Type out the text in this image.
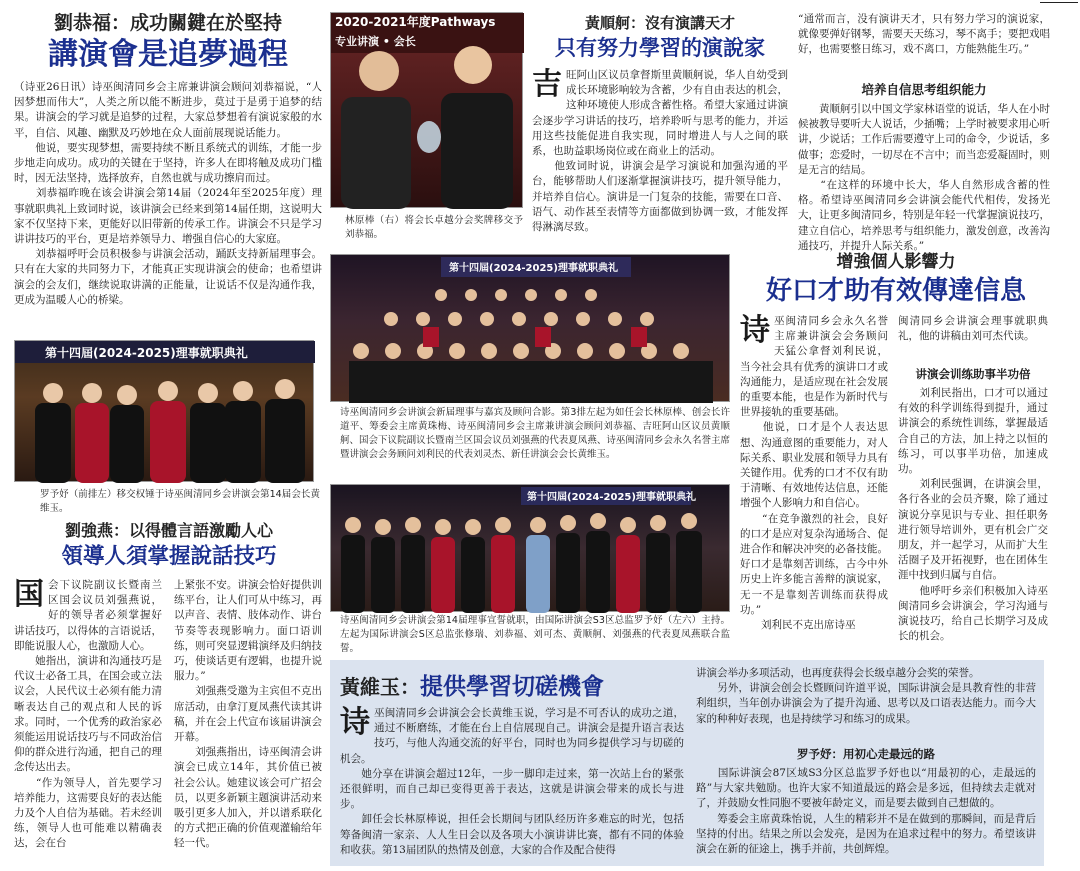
劉恭福：成功關鍵在於堅持
講演會是追夢過程
（诗亚26日讯）诗巫闽清同乡会主席兼讲演会顾问刘恭福说，“人因梦想而伟大”，人类之所以能不断进步，莫过于是勇于追梦的结果。讲演会的学习就是追梦的过程，大家总梦想着有演说家般的水平，自信、风趣、幽默及巧妙地在众人面前展现说话能力。
　　他说，要实现梦想，需要持续不断且系统式的训练，才能一步步地走向成功。成功的关键在于坚持，许多人在即将触及成功门槛时，因无法坚持，选择放弃，自然也就与成功擦肩而过。
　　刘恭福昨晚在该会讲演会第14届（2024年至2025年度）理事就职典礼上致词时说，该讲演会已经来到第14届任期，这说明大家不仅坚持下来，更能好以旧带新的传承工作。讲演会不只是学习讲讲技巧的平台，更是培养领导力、增强自信心的大家庭。
　　刘恭福呼吁会员积极参与讲演会活动，踊跃支持新届理事会。只有在大家的共同努力下，才能真正实现讲演会的使命；也希望讲演会的会友们，继续说取讲满的正能量，让说话不仅是沟通作我，更成为温暖人心的桥梁。
第十四屆(2024-2025)理事就职典礼
罗予妤（前排左）移交权锤于诗巫闽清同乡会讲演会第14届会长黄维玉。
劉強燕：以得體言語激勵人心
領導人須掌握說話技巧
国会下议院副议长暨南兰区国会议员刘强燕说，好的领导者必须掌握好讲话技巧，以得体的言语说话，即能说服人心，也激励人心。
　　她指出，演讲和沟通技巧是代议士必备工具，在国会或立法议会，人民代议士必须有能力清晰表达自己的观点和人民的诉求。同时，一个优秀的政治家必须能运用说话技巧与不同政治信仰的群众进行沟通，把自己的理念传达出去。
　　“作为领导人，首先要学习培养能力，这需要良好的表达能力及个人自信为基础。若未经训练，领导人也可能难以精确表达，会在台
上紧张不安。讲演会恰好提供训练平台，让人们可从中练习，再以声音、表情、肢体动作、讲台节奏等表现影响力。面口语训练，则可突显逻辑演绎及归纳技巧，使谈话更有逻辑，也提升说服力。”
　　刘强燕受邀为主宾但不克出席活动，由拿汀夏凤燕代读其讲稿，并在会上代宣布该届讲演会开幕。
　　刘强燕指出，诗巫闽清会讲演会已成立14年，其价值已被社会公认。她建议该会可广招会员，以更多新颖主题演讲活动来吸引更多人加入，并以谱系联化的方式把正确的价值观灌输给年轻一代。
2020-2021年度Pathways
专业讲演 • 会长
林原棒（右）将会长卓越分会奖牌移交予刘恭福。
黃順舸：沒有演講天才
只有努力學習的演說家
吉旺阿山区议员拿督斯里黄顺舸说，华人自幼受到成长环境影响较为含蓄，少有自由表达的机会，这种环境使人形成含蓄性格。希望大家通过讲演会逐步学习讲话的技巧，培养聆听与思考的能力，并运用这些技能促进自我实现，同时增进人与人之间的联系，也助益职场岗位或在商业上的活动。
　　他致词时说，讲演会是学习演说和加强沟通的平台，能够帮助人们逐渐掌握演讲技巧，提升领导能力，并培养自信心。演讲是一门复杂的技能，需要在口音、语气、动作甚至表情等方面都做到协调一致，才能发挥得淋漓尽致。
“通常而言，没有演讲天才，只有努力学习的演说家，就像要弹好钢琴，需要天天练习，琴不离手；要把戏唱好，也需要整日练习，戏不离口，方能熟能生巧。”
培养自信思考组织能力
　　黄顺舸引以中国文学家林语堂的说话，华人在小时候被教导要听大人说话，少插嘴；上学时被要求用心听讲，少说话；工作后需要遵守上司的命令，少说话，多做事；恋爱时，一切尽在不言中；而当恋爱凝固时，则是无言的结局。
　　“在这样的环境中长大，华人自然形成含蓄的性格。希望诗巫闽清同乡会讲演会能代代相传，发扬光大，让更多闽清同乡，特别是年轻一代掌握演说技巧，建立自信心，培养思考与组织能力，激发创意，改善沟通技巧，并提升人际关系。”
第十四屆(2024-2025)理事就职典礼
诗巫闽清同乡会讲演会新届理事与嘉宾及顾问合影。第3排左起为如任会长林原棒、创会长许道平、筹委会主席黄珠梅、诗巫闽清同乡会主席兼讲演会顾问刘恭福、吉旺阿山区议员黄顺舸、国会下议院副议长暨南兰区国会议员刘强燕的代表夏凤燕、诗巫闽清同乡会永久名誉主席暨讲演会会务顾问刘利民的代表刘灵杰、新任讲演会会长黄维玉。
第十四屆(2024-2025)理事就职典礼
诗巫闽清同乡会讲演会第14届理事宣誓就职，由国际讲演会S3区总监罗予妤（左六）主持。左起为国际讲演会S区总监张修瑞、刘恭福、刘可杰、黄顺舸、刘强燕的代表夏凤燕联合监誓。
增強個人影響力
好口才助有效傳達信息
诗巫闽清同乡会永久名誉主席兼讲演会会务顾问天猛公拿督刘利民说，当今社会具有优秀的演讲口才或沟通能力，是适应现在社会发展的重要本能，也是作为新时代与世界接轨的重要基础。
　　他说，口才是个人表达思想、沟通意图的重要能力，对人际关系、职业发展和领导力具有关键作用。优秀的口才不仅有助于清晰、有效地传达信息，还能增强个人影响力和自信心。
　　“在竞争激烈的社会，良好的口才是应对复杂沟通场合、促进合作和解决冲突的必备技能。好口才是靠刻苦训练，古今中外历史上许多能言善辩的演说家，无一不是靠刻苦训练而获得成功。”
　　刘利民不克出席诗巫
闽清同乡会讲演会理事就职典礼，他的讲稿由刘可杰代读。
讲演会训练助事半功倍
　　刘利民指出，口才可以通过有效的科学训练得到提升，通过讲演会的系统性训练，掌握最适合自己的方法，加上持之以恒的练习，可以事半功倍，加速成功。
　　刘利民强调，在讲演会里，各行各业的会员齐聚，除了通过演说分享见识与专业、担任职务进行领导培训外，更有机会广交朋友，并一起学习，从而扩大生活圈子及开拓视野，也在团体生涯中找到归属与自信。
　　他呼吁乡亲们积极加入诗巫闽清同乡会讲演会，学习沟通与演说技巧，给自己长期学习及成长的机会。
黃維玉：提供學習切磋機會
诗巫闽清同乡会讲演会会长黄维玉说，学习是不可否认的成功之道，通过不断磨练，才能在台上自信展现自己。讲演会是提升语言表达技巧，与他人沟通交流的好平台，同时也为同乡提供学习与切磋的机会。
　　她分享在讲演会超过12年，一步一脚印走过来，第一次站上台的紧张还很鲜明，而自己却已变得更善于表达，这就是讲演会带来的成长与进步。
　　卸任会长林原棒说，担任会长期间与团队经历许多难忘的时光，包括筹备闽清一家亲、人人生日会以及各项大小演讲讲比赛，都有不同的体验和收获。第13届团队的热情及创意，大家的合作及配合使得
讲演会举办多项活动，也再度获得会长级卓越分会奖的荣誉。
　　另外，讲演会创会长暨顾问许道平说，国际讲演会是具教育性的非营利组织，当年创办讲演会为了提升沟通、思考以及口语表达能力。而今大家的种种好表现，也是持续学习和练习的成果。
罗予妤：用初心走最远的路
　　国际讲演会87区域S3分区总监罗予妤也以“用最初的心，走最远的路”与大家共勉励。也许大家不知道最远的路会是多远，但持续去走就对了，并鼓励女性同胞不要被年龄定义，而是要去做到自己想做的。
　　筹委会主席黄珠怡说，人生的精彩并不是在做到的那瞬间，而是背后坚持的付出。结果之所以会发亮，是因为在追求过程中的努力。希望该讲演会在新的征途上，携手并前，共创辉煌。
